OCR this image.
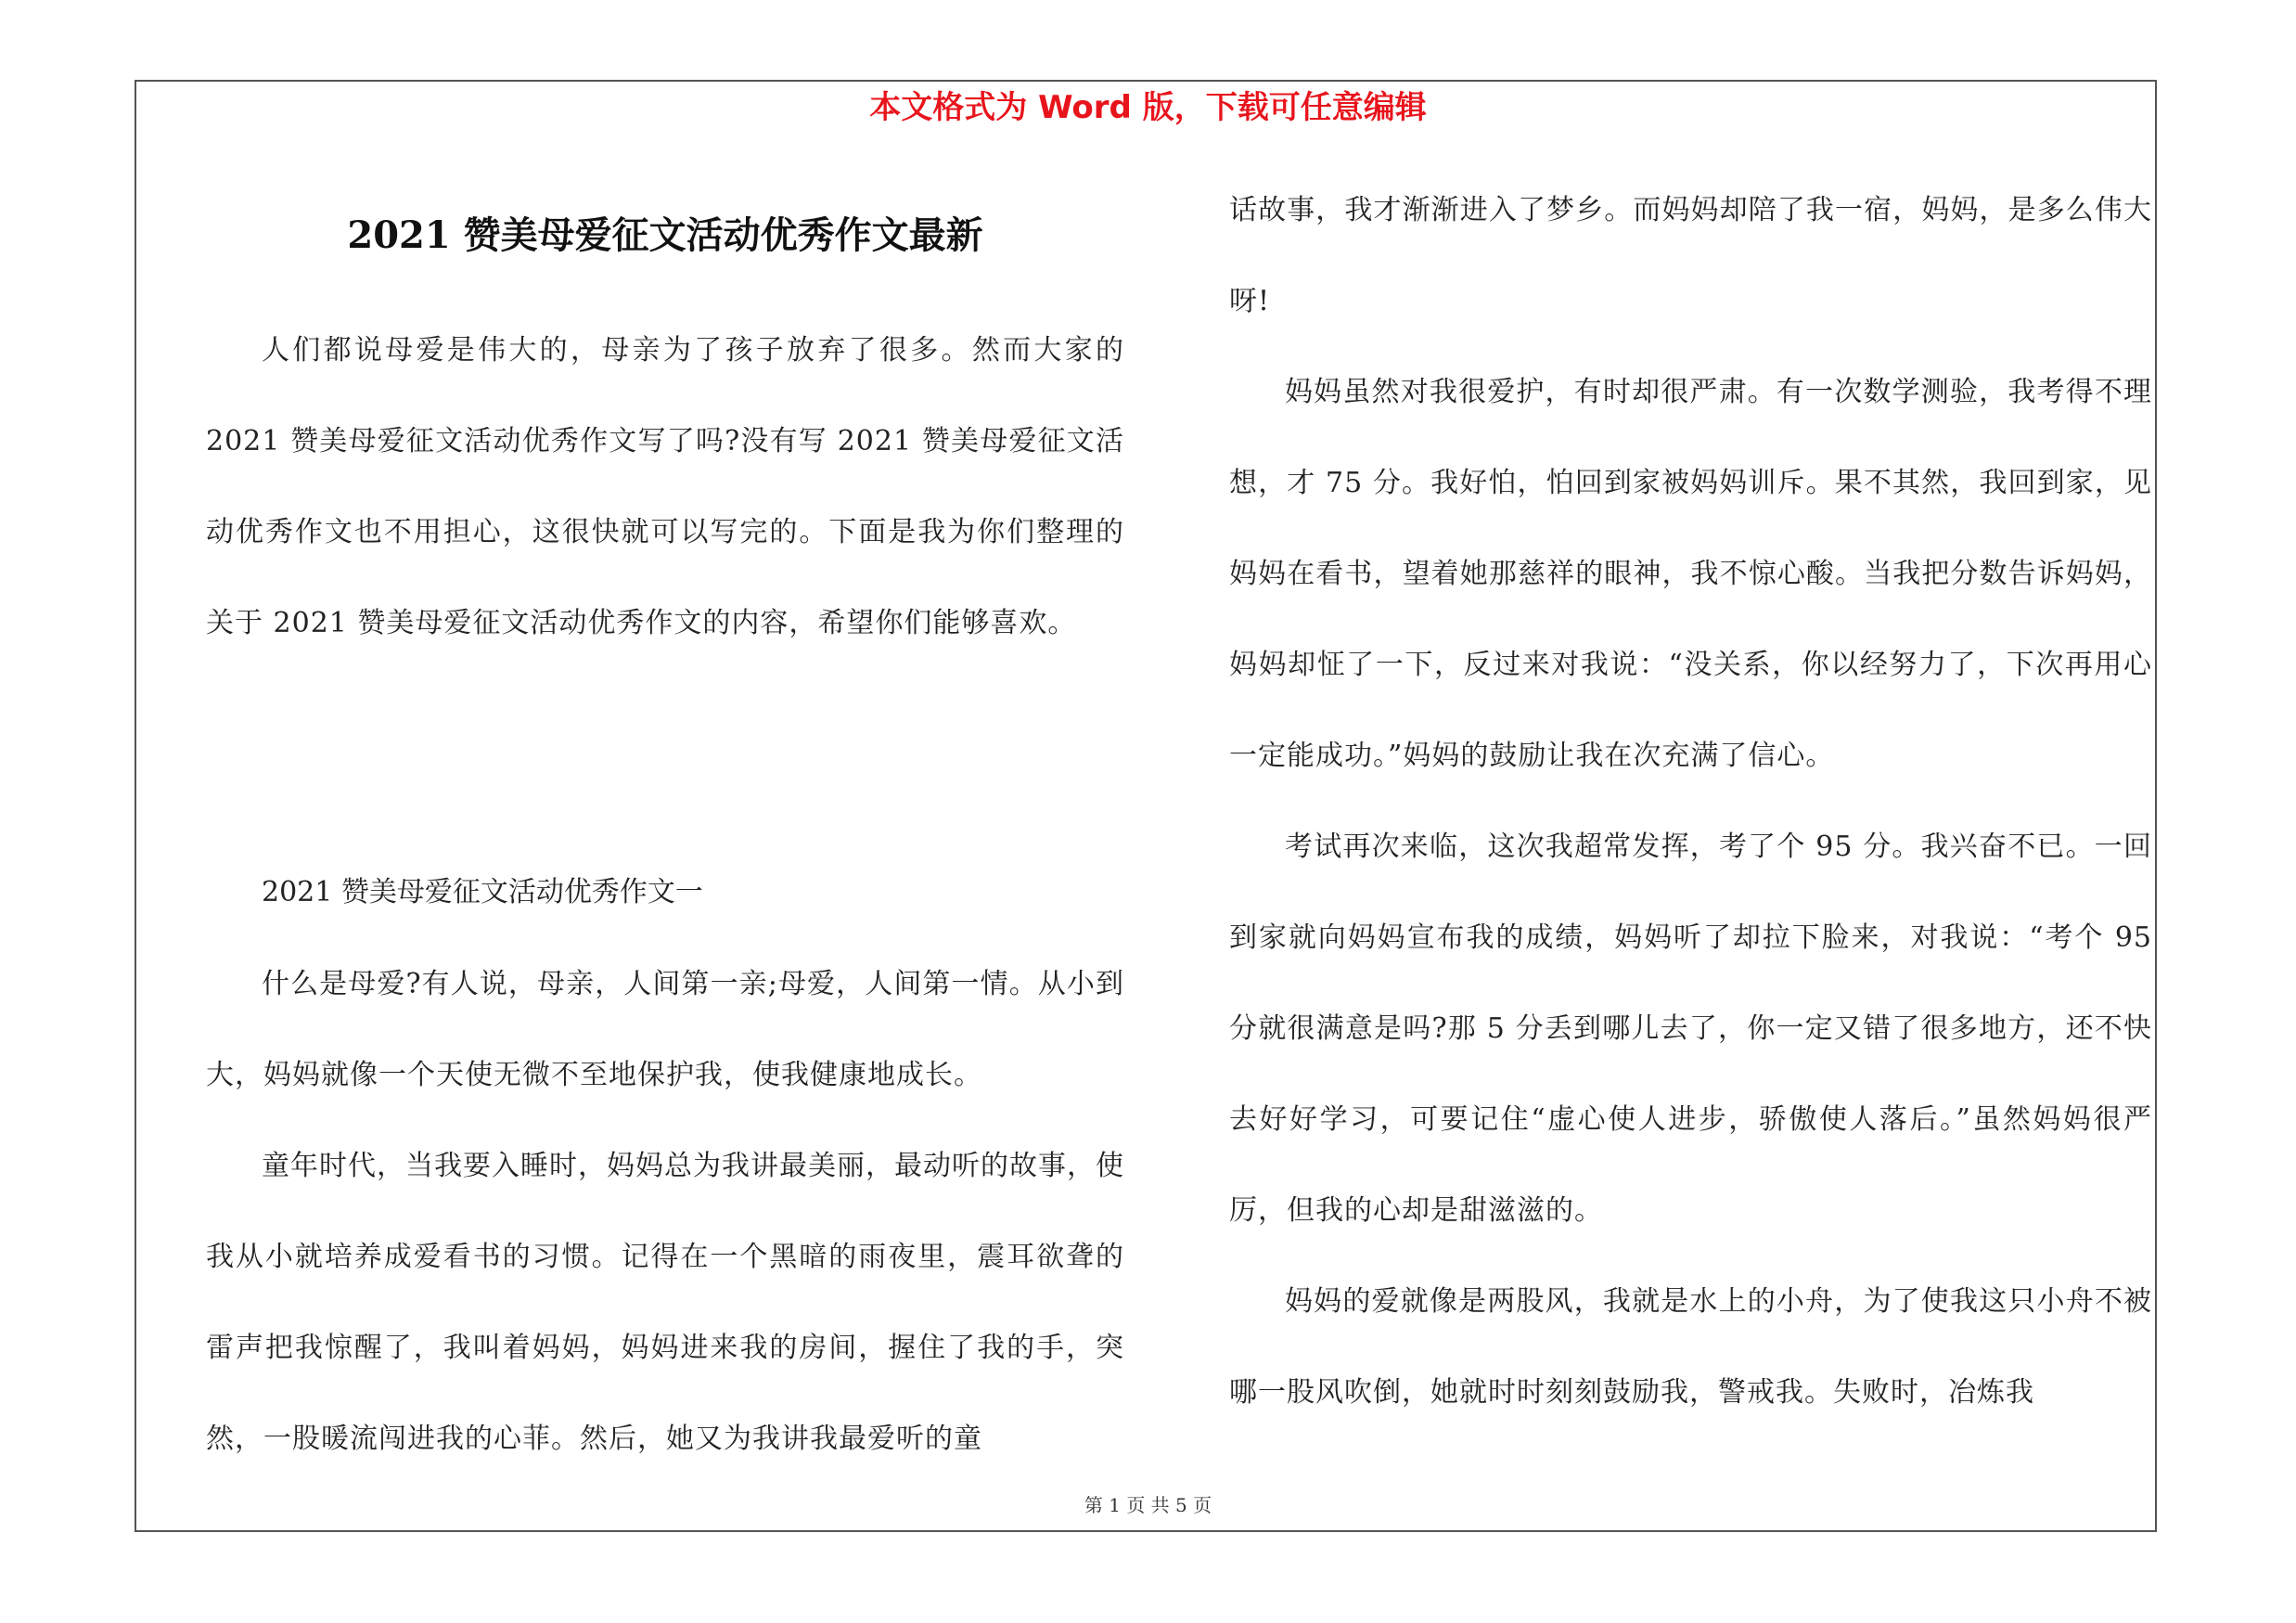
本文格式为 Word 版，下载可任意编辑
2021 赞美母爱征文活动优秀作文最新

人们都说母爱是伟大的，母亲为了孩子放弃了很多。然而大家的 2021 赞美母爱征文活动优秀作文写了吗?没有写 2021 赞美母爱征文活动优秀作文也不用担心，这很快就可以写完的。下面是我为你们整理的关于 2021 赞美母爱征文活动优秀作文的内容，希望你们能够喜欢。

2021 赞美母爱征文活动优秀作文一

什么是母爱?有人说，母亲，人间第一亲;母爱，人间第一情。从小到大，妈妈就像一个天使无微不至地保护我，使我健康地成长。

童年时代，当我要入睡时，妈妈总为我讲最美丽，最动听的故事，使我从小就培养成爱看书的习惯。记得在一个黑暗的雨夜里，震耳欲聋的雷声把我惊醒了，我叫着妈妈，妈妈进来我的房间，握住了我的手，突然，一股暖流闯进我的心菲。然后，她又为我讲我最爱听的童

话故事，我才渐渐进入了梦乡。而妈妈却陪了我一宿，妈妈，是多么伟大呀!

妈妈虽然对我很爱护，有时却很严肃。有一次数学测验，我考得不理想，才 75 分。我好怕，怕回到家被妈妈训斥。果不其然，我回到家，见妈妈在看书，望着她那慈祥的眼神，我不惊心酸。当我把分数告诉妈妈，妈妈却怔了一下，反过来对我说：“没关系，你以经努力了，下次再用心一定能成功。”妈妈的鼓励让我在次充满了信心。

考试再次来临，这次我超常发挥，考了个 95 分。我兴奋不已。一回到家就向妈妈宣布我的成绩，妈妈听了却拉下脸来，对我说：“考个 95 分就很满意是吗?那 5 分丢到哪儿去了，你一定又错了很多地方，还不快去好好学习，可要记住“虚心使人进步，骄傲使人落后。”虽然妈妈很严厉，但我的心却是甜滋滋的。

妈妈的爱就像是两股风，我就是水上的小舟，为了使我这只小舟不被哪一股风吹倒，她就时时刻刻鼓励我，警戒我。失败时，冶炼我

第 1 页 共 5 页
